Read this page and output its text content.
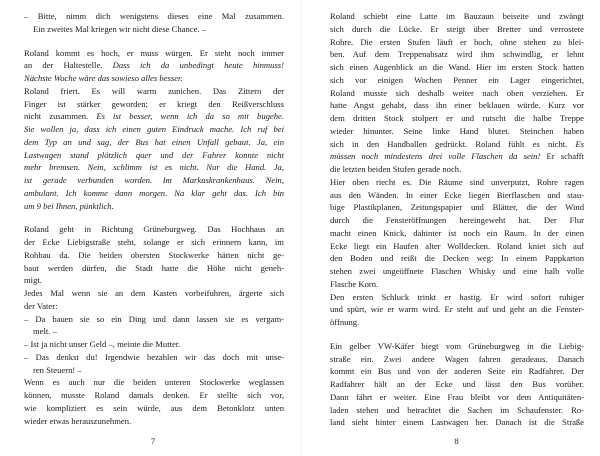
– Bitte, nimm dich wenigstens dieses eine Mal zusammen.
Ein zweites Mal kriegen wir nicht diese Chance. –
Roland kommt es hoch, er muss würgen. Er steht noch immer
an der Haltestelle. Dass ich da unbedingt heute hinmuss!
Nächste Woche wäre das sowieso alles besser.
Roland friert. Es will warm zunichen. Das Zittern der
Finger ist stärker geworden; er kriegt den Reißverschluss
nicht zusammen. Es ist besser, wenn ich da so mit bugehe.
Sie wollen ja, dass ich einen guten Eindruck mache. Ich ruf bei
dem Typ an und sag, der Bus hat einen Unfall gebaut. Ja, ein
Lastwagen stand plötzlich quer und der Fahrer konnte nicht
mehr bremsen. Nein, schlimm ist es nicht. Nur die Hand. Ja,
ist gerade verbunden worden. Im Markuskrankenhaus. Nein,
ambulant. Ich komme dann morgen. Na klar geht das. Ich bin
um 9 bei Ihnen, pünktlich.
Roland geht in Richtung Grüneburgweg. Das Hochhaus an
der Ecke Liebigstraße steht, solange er sich erinnern kann, im
Rohbau da. Die beiden obersten Stockwerke hätten nicht ge-
baut werden dürfen, die Stadt hatte die Höhe nicht geneh-
migt.
Jedes Mal wenn sie an dem Kasten vorbeifuhren, ärgerte sich
der Vater:
– Da bauen sie so ein Ding und dann lassen sie es vergam-
melt. –
– Ist ja nicht unser Geld –, meinte die Mutter.
– Das denkst du! Irgendwie bezahlen wir das doch mit unse-
ren Steuern! –
Wenn es auch nur die beiden unteren Stockwerke weglassen
können, musste Roland damals denken. Er stellte sich vor,
wie kompliziert es sein würde, aus dem Betonklotz unten
wieder etwas herauszunehmen.
7
Roland schiebt eine Latte im Bauzaun beiseite und zwängt
sich durch die Lücke. Er steigt über Bretter und verrostete
Rohre. Die ersten Stufen läuft er hoch, ohne stehen zu blei-
ben. Auf dem Treppenabsatz wird ihm schwindlig, er lehnt
sich einen Augenblick an die Wand. Hier im ersten Stock hatten
sich vor einigen Wochen Penner ein Lager eingerichtet,
Roland musste sich deshalb weiter nach oben verziehen. Er
hatte Angst gehabt, dass ihn einer beklauen würde. Kurz vor
dem dritten Stock stolpert er und rutscht die halbe Treppe
wieder hinunter. Seine linke Hand blutet. Steinchen haben
sich in den Handballen gedrückt. Roland fühlt es nicht. Es
müssen noch mindestens drei volle Flaschen da sein! Er schafft
die letzten beiden Stufen gerade noch.
Hier oben riecht es. Die Räume sind unverputzt, Rohre ragen
aus den Wänden. In einer Ecke liegen Bierflaschen und stau-
bige Plastikplanen, Zeitungspapier und Blätter, die der Wind
durch die Fensteröffnungen hereingeweht hat. Der Flur
macht einen Knick, dahinter ist noch ein Raum. In der einen
Ecke liegt ein Haufen alter Wolldecken. Roland kniet sich auf
den Boden und reißt die Decken weg: In einem Pappkarton
stehen zwei ungeöffnete Flaschen Whisky und eine halb volle
Flasche Korn.
Den ersten Schluck trinkt er hastig. Er wird sofort ruhiger
und spürt, wie er warm wird. Er steht auf und geht an die Fenster-
öffnung.
Ein gelber VW-Käfer biegt vom Grüneburgweg in die Liebig-
straße ein. Zwei andere Wagen fahren geradeaus. Danach
kommt ein Bus und von der anderen Seite ein Radfahrer. Der
Radfahrer hält an der Ecke und lässt den Bus vorüber.
Dann fährt er weiter. Eine Frau bleibt vor dem Antiquitäten-
laden stehen und betrachtet die Sachen im Schaufenster. Ro-
land sieht hinter einem Lastwagen her. Danach ist die Straße
8
